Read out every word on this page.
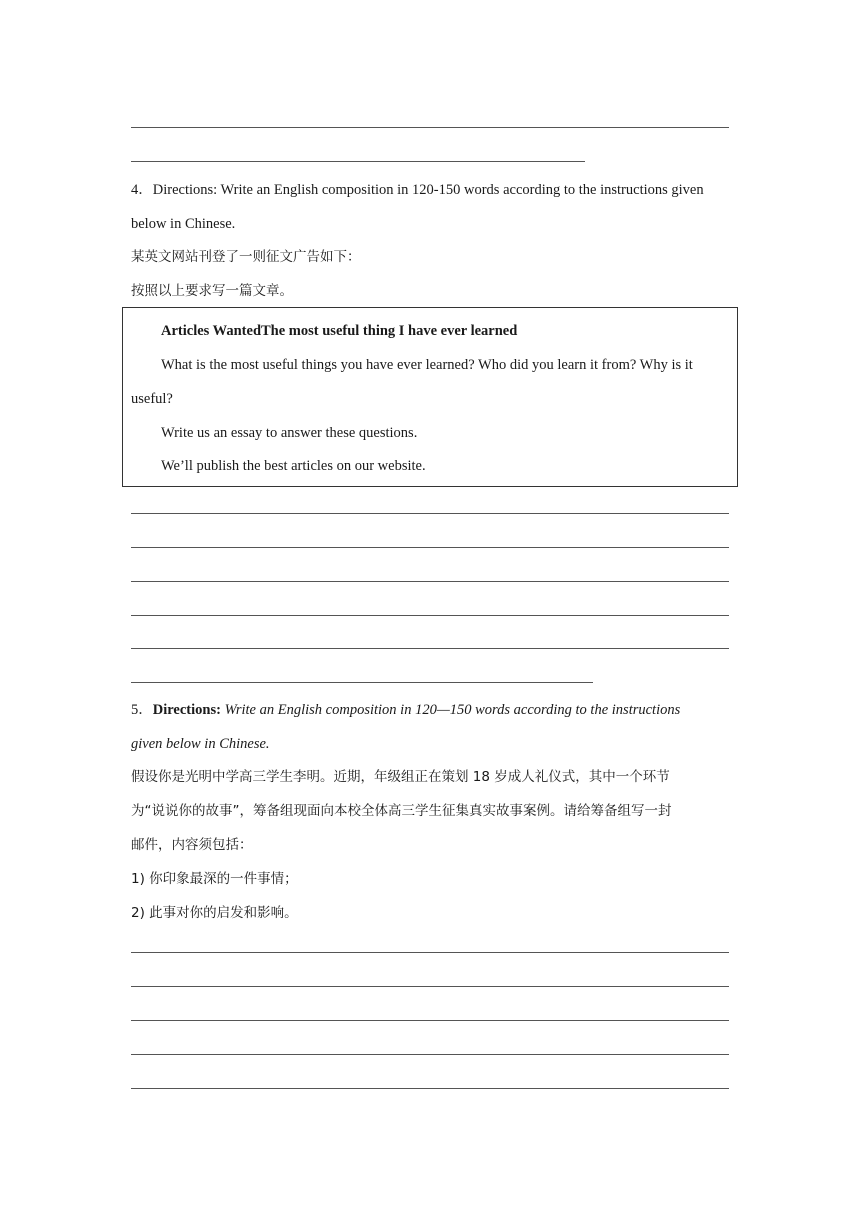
4．Directions: Write an English composition in 120-150 words according to the instructions given
below in Chinese.
某英文网站刊登了一则征文广告如下：
按照以上要求写一篇文章。
Articles WantedThe most useful thing I have ever learned
What is the most useful things you have ever learned? Who did you learn it from? Why is it
useful?
Write us an essay to answer these questions.
We’ll publish the best articles on our website.
5．Directions: Write an English composition in 120—150 words according to the instructions
given below in Chinese.
假设你是光明中学高三学生李明。近期，年级组正在策划 18 岁成人礼仪式，其中一个环节
为“说说你的故事”，筹备组现面向本校全体高三学生征集真实故事案例。请给筹备组写一封
邮件，内容须包括：
1) 你印象最深的一件事情；
2) 此事对你的启发和影响。
